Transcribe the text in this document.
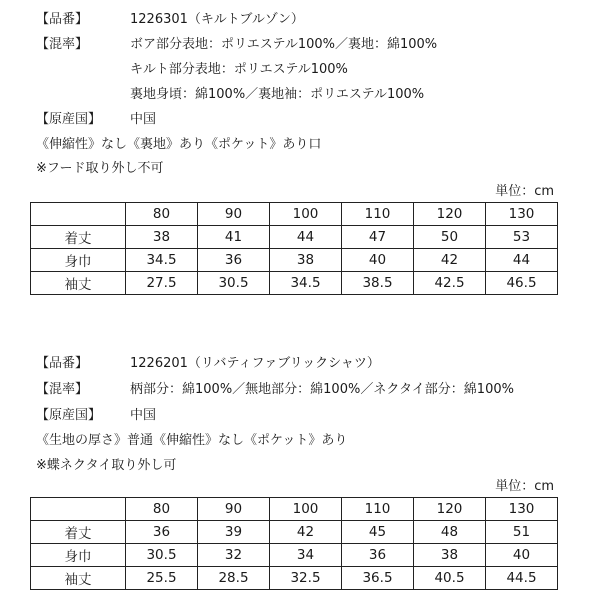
【品番】	1226301（キルトブルゾン）
【混率】	ボア部分表地：ポリエステル100%／裏地：綿100%
キルト部分表地：ポリエステル100%
裏地身頃：綿100%／裏地袖：ポリエステル100%
【原産国】 中国
《伸縮性》なし《裏地》あり《ポケット》あり口
※フード取り外し不可
単位：cm
	80	90	100	110	120	130
着丈	38	41	44	47	50	53
身巾	34.5	36	38	40	42	44
袖丈	27.5	30.5	34.5	38.5	42.5	46.5
【品番】	1226201（リバティファブリックシャツ）
【混率】	柄部分：綿100%／無地部分：綿100%／ネクタイ部分：綿100%
【原産国】 中国
《生地の厚さ》普通《伸縮性》なし《ポケット》あり
※蝶ネクタイ取り外し可
単位：cm
	80	90	100	110	120	130
着丈	36	39	42	45	48	51
身巾	30.5	32	34	36	38	40
袖丈	25.5	28.5	32.5	36.5	40.5	44.5
